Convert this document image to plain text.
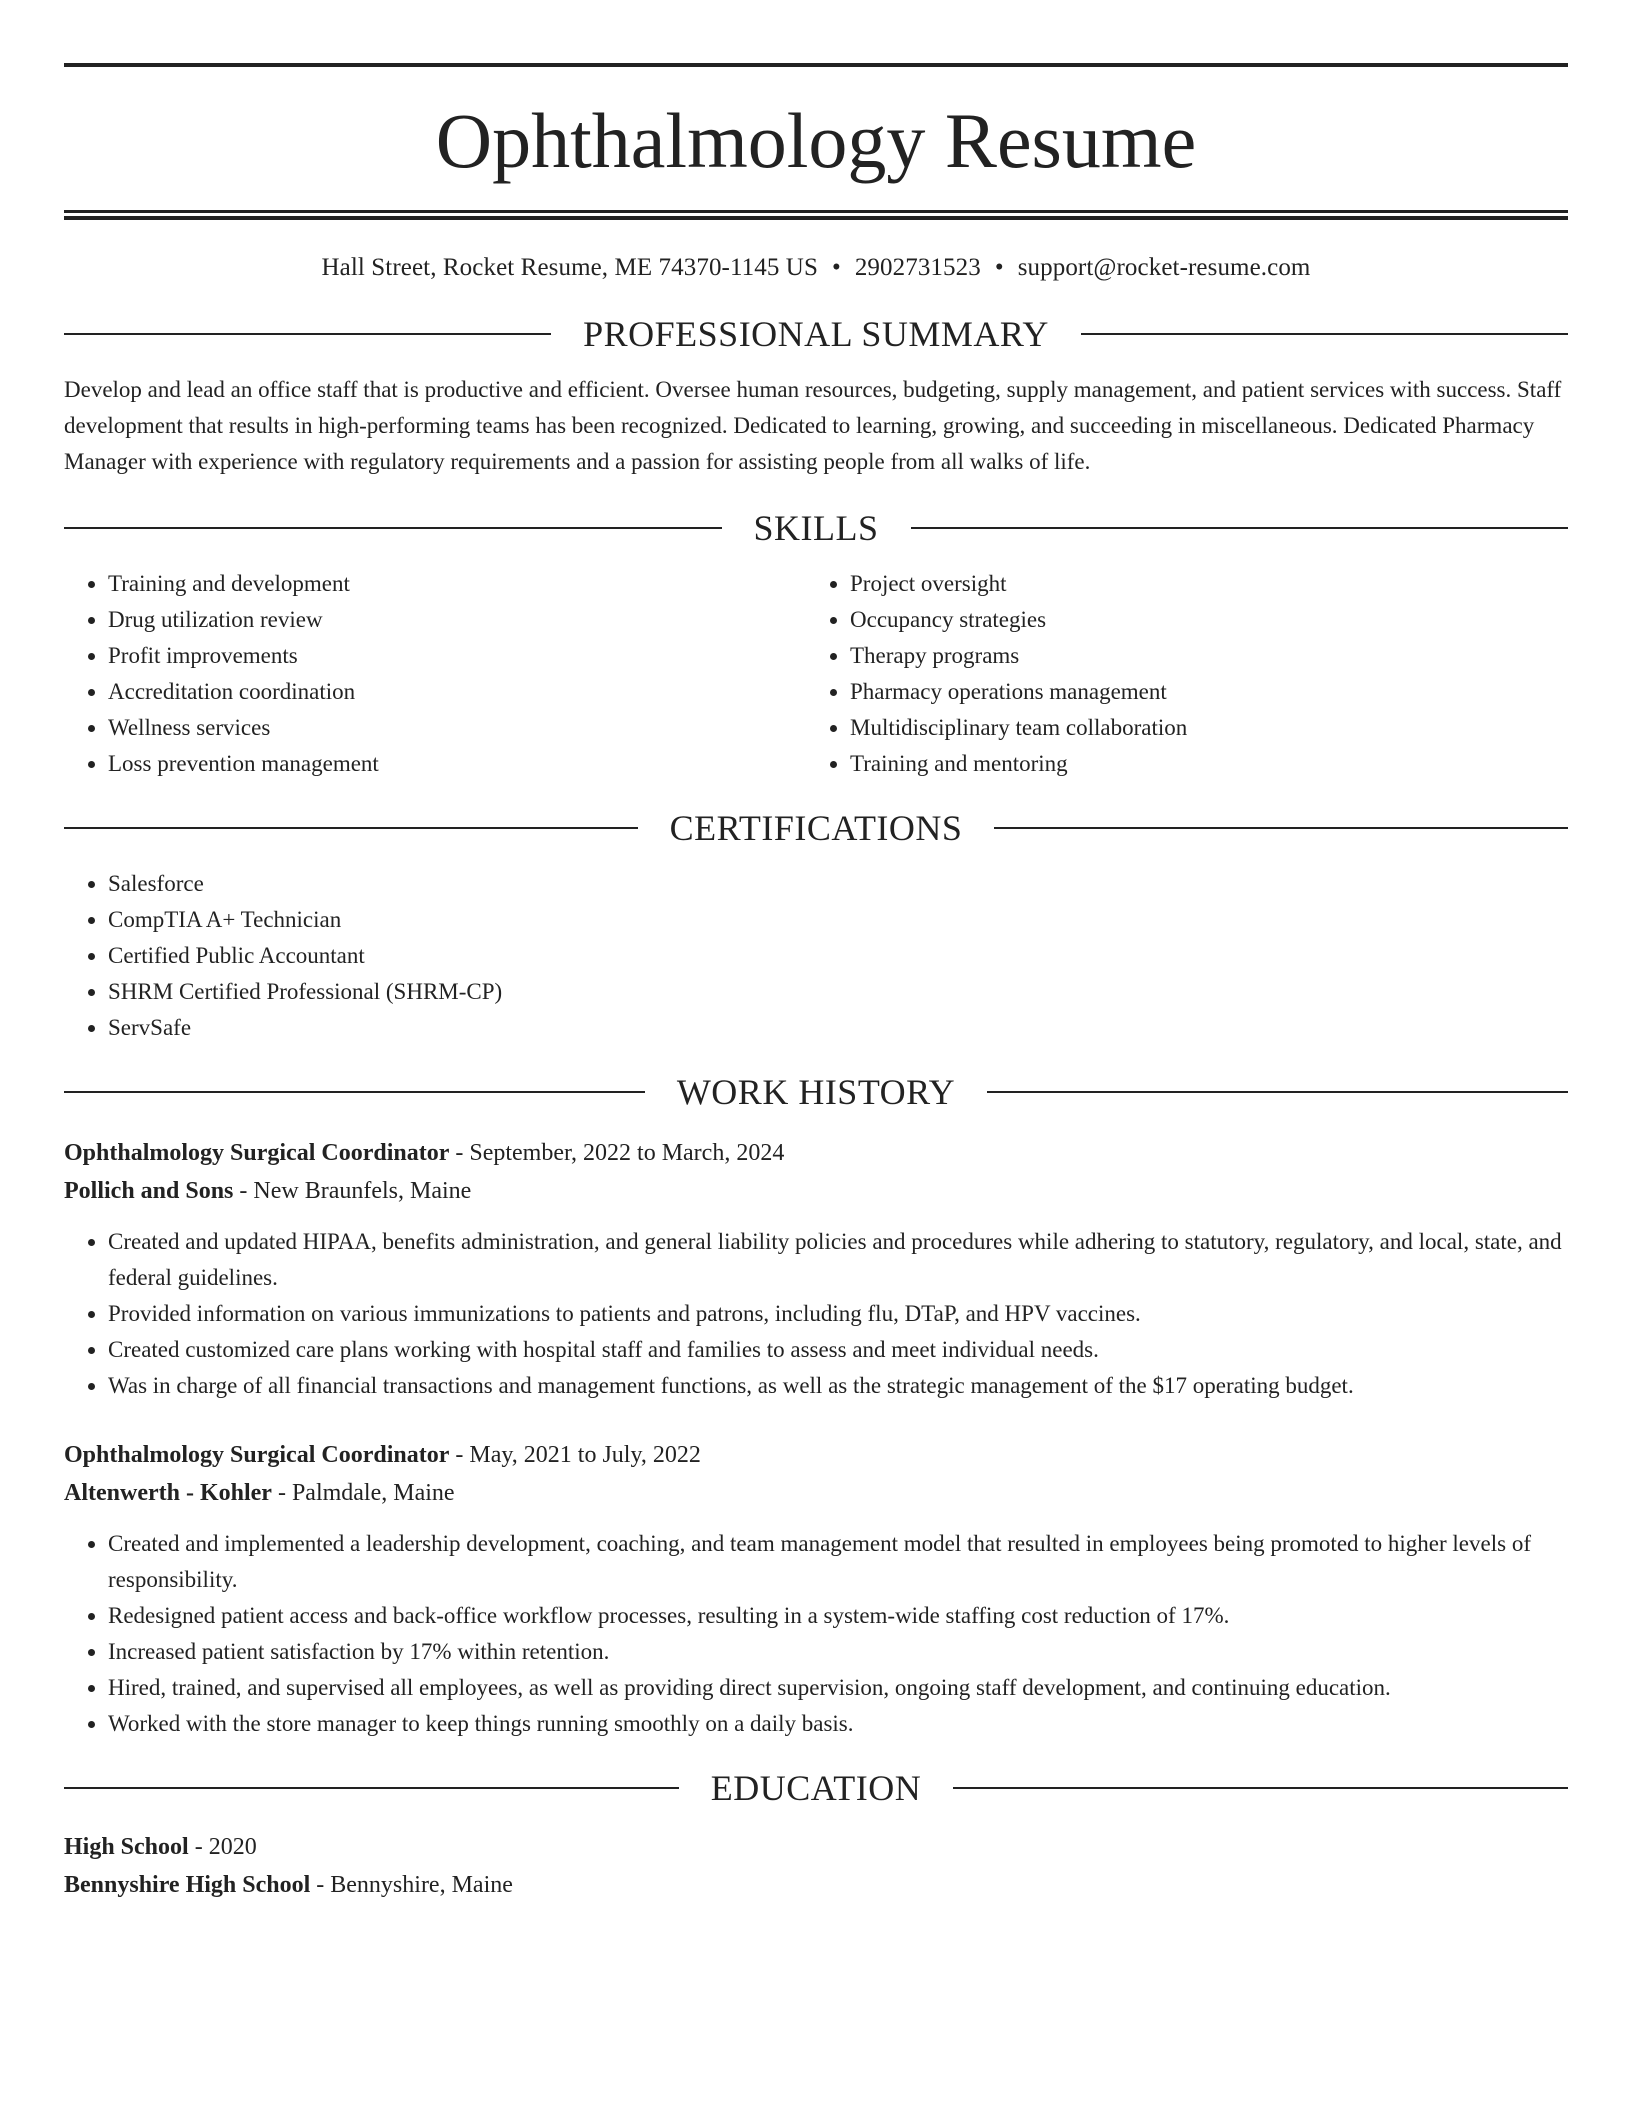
Ophthalmology Resume
Hall Street, Rocket Resume, ME 74370-1145 US • 2902731523 • support@rocket-resume.com
PROFESSIONAL SUMMARY
Develop and lead an office staff that is productive and efficient. Oversee human resources, budgeting, supply management, and patient services with success. Staff development that results in high-performing teams has been recognized. Dedicated to learning, growing, and succeeding in miscellaneous. Dedicated Pharmacy Manager with experience with regulatory requirements and a passion for assisting people from all walks of life.
SKILLS
• Training and development
• Drug utilization review
• Profit improvements
• Accreditation coordination
• Wellness services
• Loss prevention management
• Project oversight
• Occupancy strategies
• Therapy programs
• Pharmacy operations management
• Multidisciplinary team collaboration
• Training and mentoring
CERTIFICATIONS
• Salesforce
• CompTIA A+ Technician
• Certified Public Accountant
• SHRM Certified Professional (SHRM-CP)
• ServSafe
WORK HISTORY
Ophthalmology Surgical Coordinator - September, 2022 to March, 2024
Pollich and Sons - New Braunfels, Maine
• Created and updated HIPAA, benefits administration, and general liability policies and procedures while adhering to statutory, regulatory, and local, state, and federal guidelines.
• Provided information on various immunizations to patients and patrons, including flu, DTaP, and HPV vaccines.
• Created customized care plans working with hospital staff and families to assess and meet individual needs.
• Was in charge of all financial transactions and management functions, as well as the strategic management of the $17 operating budget.
Ophthalmology Surgical Coordinator - May, 2021 to July, 2022
Altenwerth - Kohler - Palmdale, Maine
• Created and implemented a leadership development, coaching, and team management model that resulted in employees being promoted to higher levels of responsibility.
• Redesigned patient access and back-office workflow processes, resulting in a system-wide staffing cost reduction of 17%.
• Increased patient satisfaction by 17% within retention.
• Hired, trained, and supervised all employees, as well as providing direct supervision, ongoing staff development, and continuing education.
• Worked with the store manager to keep things running smoothly on a daily basis.
EDUCATION
High School - 2020
Bennyshire High School - Bennyshire, Maine
